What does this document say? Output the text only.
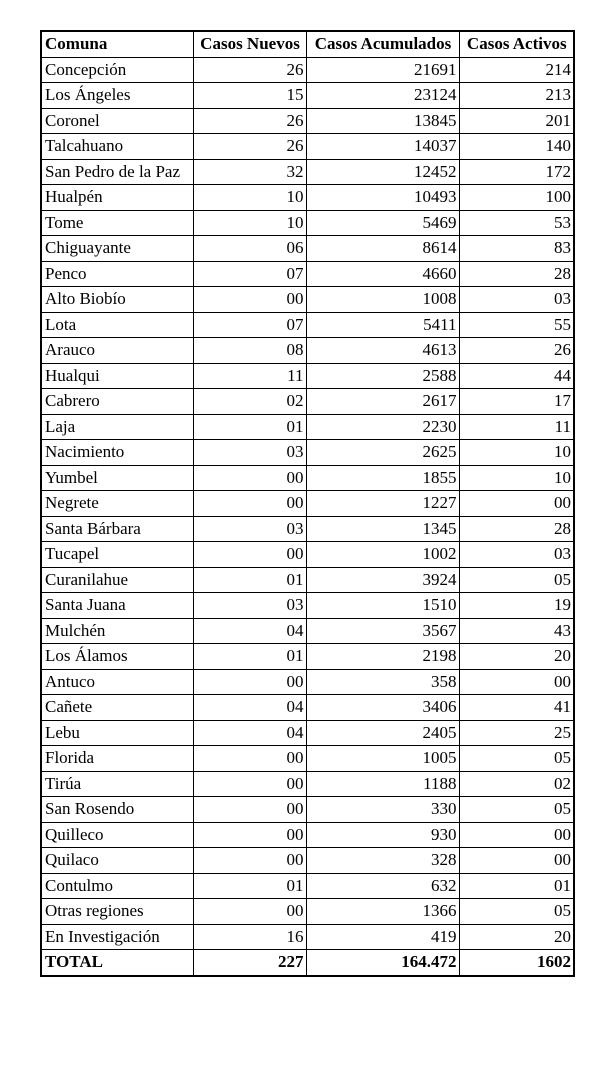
Comuna	Casos Nuevos	Casos Acumulados	Casos Activos
Concepción	26	21691	214
Los Ángeles	15	23124	213
Coronel	26	13845	201
Talcahuano	26	14037	140
San Pedro de la Paz	32	12452	172
Hualpén	10	10493	100
Tome	10	5469	53
Chiguayante	06	8614	83
Penco	07	4660	28
Alto Biobío	00	1008	03
Lota	07	5411	55
Arauco	08	4613	26
Hualqui	11	2588	44
Cabrero	02	2617	17
Laja	01	2230	11
Nacimiento	03	2625	10
Yumbel	00	1855	10
Negrete	00	1227	00
Santa Bárbara	03	1345	28
Tucapel	00	1002	03
Curanilahue	01	3924	05
Santa Juana	03	1510	19
Mulchén	04	3567	43
Los Álamos	01	2198	20
Antuco	00	358	00
Cañete	04	3406	41
Lebu	04	2405	25
Florida	00	1005	05
Tirúa	00	1188	02
San Rosendo	00	330	05
Quilleco	00	930	00
Quilaco	00	328	00
Contulmo	01	632	01
Otras regiones	00	1366	05
En Investigación	16	419	20
TOTAL	227	164.472	1602
